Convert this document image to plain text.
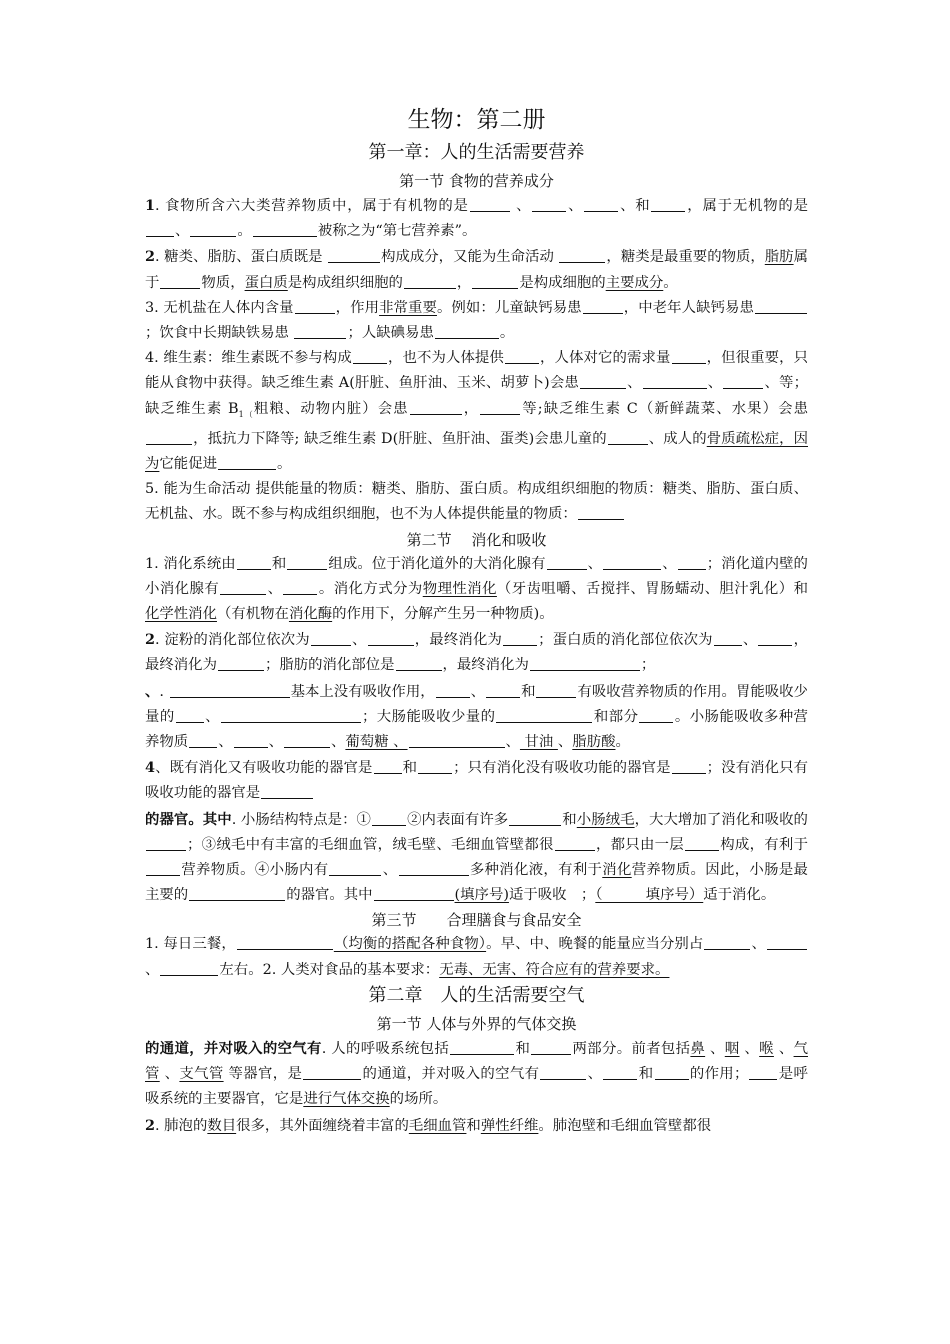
生物：第二册
第一章：人的生活需要营养
第一节 食物的营养成分

1. 食物所含六大类营养物质中，属于有机物的是	、	、	、和	，属于无机物的是、	。	被称之为“第七营养素”。

2. 糖类、脂肪、蛋白质既是	构成成分，又能为生命活动	，糖类是最重要的物质，脂肪属于	物质，蛋白质是构成组织细胞的	，	是构成细胞的主要成分。

3. 无机盐在人体内含量	，作用非常重要。例如：儿童缺钙易患	，中老年人缺钙易患；饮食中长期缺铁易患	；人缺碘易患	。

4. 维生素：维生素既不参与构成	，也不为人体提供	，人体对它的需求量	，但很重要，只能从食物中获得。缺乏维生素 A(肝脏、鱼肝油、玉米、胡萝卜)会患	、	、	、等；缺乏维生素 $B_{1(}$粗粮、动物内脏）会患	，	等;缺乏维生素 C（新鲜蔬菜、水果）会患，抵抗力下降等; 缺乏维生素 D(肝脏、鱼肝油、蛋类)会患儿童的	、成人的骨质疏松症，因为它能促进	。

5. 能为生命活动 提供能量的物质：糖类、脂肪、蛋白质。构成组织细胞的物质：糖类、脂肪、蛋白质、无机盐、水。既不参与构成组织细胞，也不为人体提供能量的物质：

第二节　 消化和吸收

1. 消化系统由	和	组成。位于消化道外的大消化腺有	、	、 ；消化道内壁的小消化腺有	、	。消化方式分为物理性消化（牙齿咀嚼、舌搅拌、胃肠蠕动、胆汁乳化）和 化学性消化（有机物在消化酶的作用下，分解产生另一种物质)。

2. 淀粉的消化部位依次为	、	，最终消化为	；蛋白质的消化部位依次为 、	，最终消化为	；脂肪的消化部位是	，最终消化为	；

、.	基本上没有吸收作用，	、	和	有吸收营养物质的作用。胃能吸收少量的 、	；大肠能吸收少量的	和部分	。小肠能吸收多种营养物质 、	、	、葡萄糖 、	、 甘油 、脂肪酸。

4、既有消化又有吸收功能的器官是 和	；只有消化没有吸收功能的器官是	；没有消化只有吸收功能的器官是

的器官。其中. 小肠结构特点是：①	②内表面有许多	和小肠绒毛，大大增加了消化和吸收的；③绒毛中有丰富的毛细血管，绒毛壁、毛细血管壁都很	，都只由一层	构成，有利于营养物质。④小肠内有	、	多种消化液，有利于消化营养物质。因此，小肠是最主要的	的器官。其中	(填序号)适于吸收　；（　　　填序号）适于消化。

第三节　　合理膳食与食品安全

1. 每日三餐，	（均衡的搭配各种食物）。早、中、晚餐的能量应当分别占	、、	左右。2. 人类对食品的基本要求：无毒、无害、符合应有的营养要求。

第二章　人的生活需要空气
第一节 人体与外界的气体交换

的通道，并对吸入的空气有. 人的呼吸系统包括	和	两部分。前者包括鼻 、咽 、喉 、气管 、支气管 等器官，是	的通道，并对吸入的空气有	、	和	的作用； 是呼吸系统的主要器官，它是进行气体交换的场所。

2. 肺泡的数目很多，其外面缠绕着丰富的毛细血管和弹性纤维。肺泡壁和毛细血管壁都很
